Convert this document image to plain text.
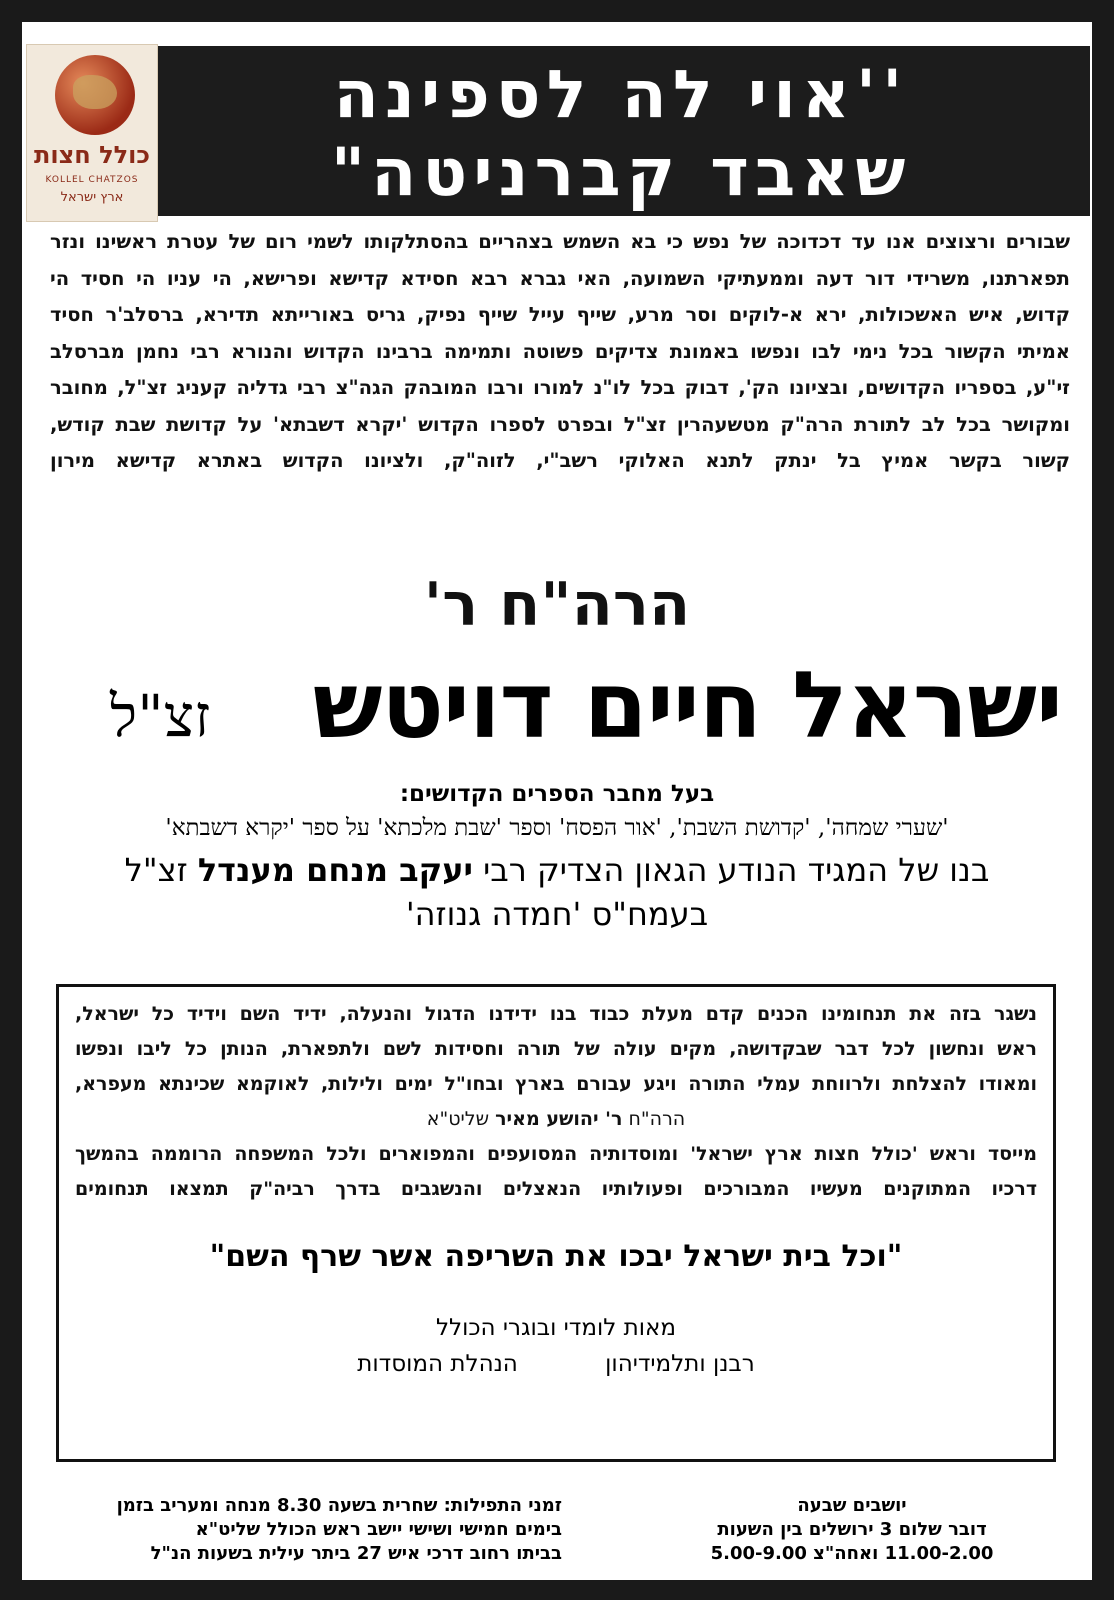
''אוי לה לספינה
שאבד קברניטה"
כולל חצות
KOLLEL CHATZOS
ארץ ישראל

שבורים ורצוצים אנו עד דכדוכה של נפש כי בא השמש בצהריים בהסתלקותו לשמי רום של עטרת ראשינו ונזר

תפארתנו, משרידי דור דעה וממעתיקי השמועה, האי גברא רבא חסידא קדישא ופרישא, הי עניו הי חסיד הי

קדוש, איש האשכולות, ירא א-לוקים וסר מרע, שייף עייל שייף נפיק, גריס באורייתא תדירא, ברסלב'ר חסיד

אמיתי הקשור בכל נימי לבו ונפשו באמונת צדיקים פשוטה ותמימה ברבינו הקדוש והנורא רבי נחמן מברסלב

זי"ע, בספריו הקדושים, ובציונו הק', דבוק בכל לו"נ למורו ורבו המובהק הגה"צ רבי גדליה קעניג זצ"ל, מחובר

ומקושר בכל לב לתורת הרה"ק מטשעהרין זצ"ל ובפרט לספרו הקדוש 'יקרא דשבתא' על קדושת שבת קודש,

קשור בקשר אמיץ בל ינתק לתנא האלוקי רשב"י, לזוה"ק, ולציונו הקדוש באתרא קדישא מירון

הרה"ח ר'
ישראל חיים דויטש
זצ"ל
בעל מחבר הספרים הקדושים:
'שערי שמחה', 'קדושת השבת', 'אור הפסח' וספר 'שבת מלכתא' על ספר 'יקרא דשבתא'
בנו של המגיד הנודע הגאון הצדיק רבי יעקב מנחם מענדל זצ"ל
בעמח"ס 'חמדה גנוזה'

נשגר בזה את תנחומינו הכנים קדם מעלת כבוד בנו ידידנו הדגול והנעלה, ידיד השם וידיד כל ישראל,

ראש ונחשון לכל דבר שבקדושה, מקים עולה של תורה וחסידות לשם ולתפארת, הנותן כל ליבו ונפשו

ומאודו להצלחת ולרווחת עמלי התורה ויגע עבורם בארץ ובחו"ל ימים ולילות, לאוקמא שכינתא מעפרא,

הרה"ח ר' יהושע מאיר שליט"א

מייסד וראש 'כולל חצות ארץ ישראל' ומוסדותיה המסועפים והמפוארים ולכל המשפחה הרוממה בהמשך

דרכיו המתוקנים מעשיו המבורכים ופעולותיו הנאצלים והנשגבים בדרך רביה"ק תמצאו תנחומים

"וכל בית ישראל יבכו את השריפה אשר שרף השם"
מאות לומדי ובוגרי הכולל
רבנן ותלמידיהון הנהלת המוסדות
יושבים שבעה
דובר שלום 3 ירושלים בין השעות
11.00-2.00 ואחה"צ 5.00-9.00
זמני התפילות: שחרית בשעה 8.30 מנחה ומעריב בזמן
בימים חמישי ושישי יישב ראש הכולל שליט"א
בביתו רחוב דרכי איש 27 ביתר עילית בשעות הנ"ל
